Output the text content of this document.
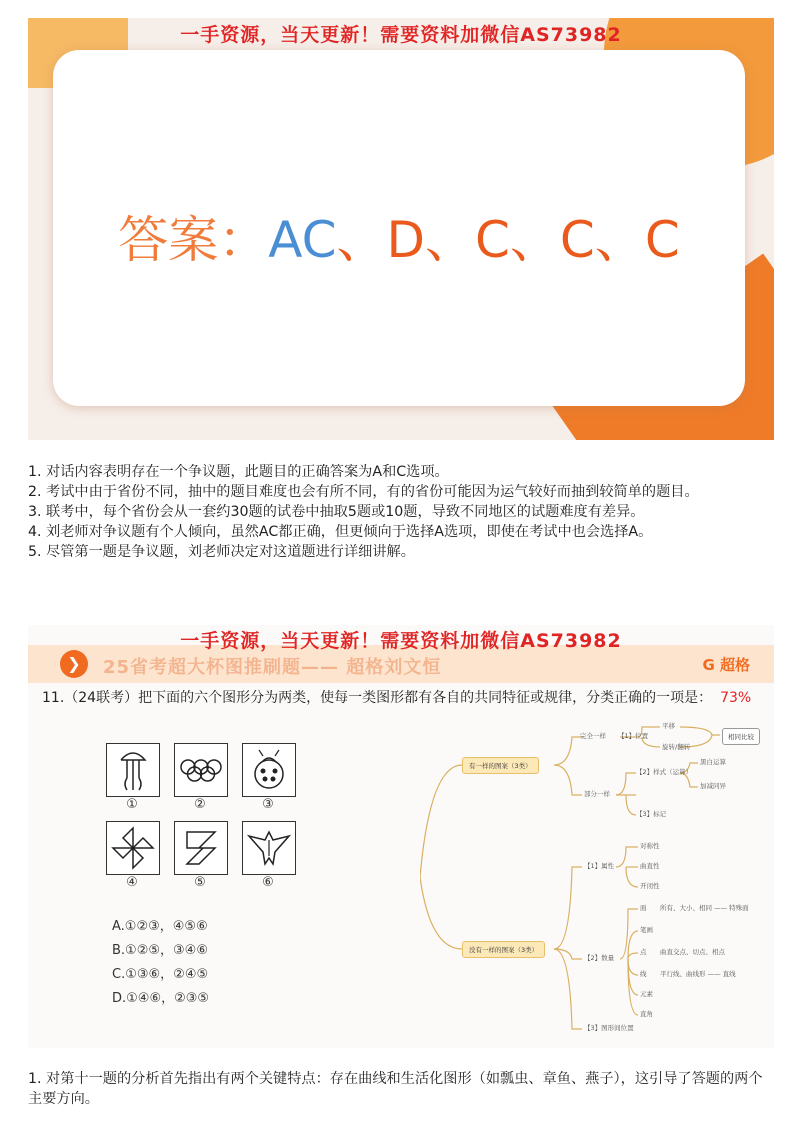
一手资源，当天更新！需要资料加微信AS73982
答案：AC、D、C、C、C
1. 对话内容表明存在一个争议题，此题目的正确答案为A和C选项。
2. 考试中由于省份不同，抽中的题目难度也会有所不同，有的省份可能因为运气较好而抽到较简单的题目。
3. 联考中，每个省份会从一套约30题的试卷中抽取5题或10题，导致不同地区的试题难度有差异。
4. 刘老师对争议题有个人倾向，虽然AC都正确，但更倾向于选择A选项，即使在考试中也会选择A。
5. 尽管第一题是争议题，刘老师决定对这道题进行详细讲解。
❯	25省考超大杯图推刷题—— 超格刘文恒	G 超格
一手资源，当天更新！需要资料加微信AS73982
11.（24联考）把下面的六个图形分为两类，使每一类图形都有各自的共同特征或规律，分类正确的一项是： 73%
①	②	③
④	⑤	⑥
A.①②③，④⑤⑥
B.①②⑤，③④⑥
C.①③⑥，②④⑤
D.①④⑥，②③⑤
有一样的图案（3类）
完全一样 【1】位置
平移
旋转/翻转
相同比较
部分一样
【2】样式（运算）
黑白运算
加减同异
【3】标记
没有一样的图案（3类）
【1】属性
对称性
曲直性
开闭性
【2】数量
面 所有、大小、相同 —— 特殊面
笔画
点 曲直交点、切点、相点
线 平行线、曲线形 —— 直线
元素
直角
【3】图形间位置
1. 对第十一题的分析首先指出有两个关键特点：存在曲线和生活化图形（如瓢虫、章鱼、燕子），这引导了答题的两个主要方向。
